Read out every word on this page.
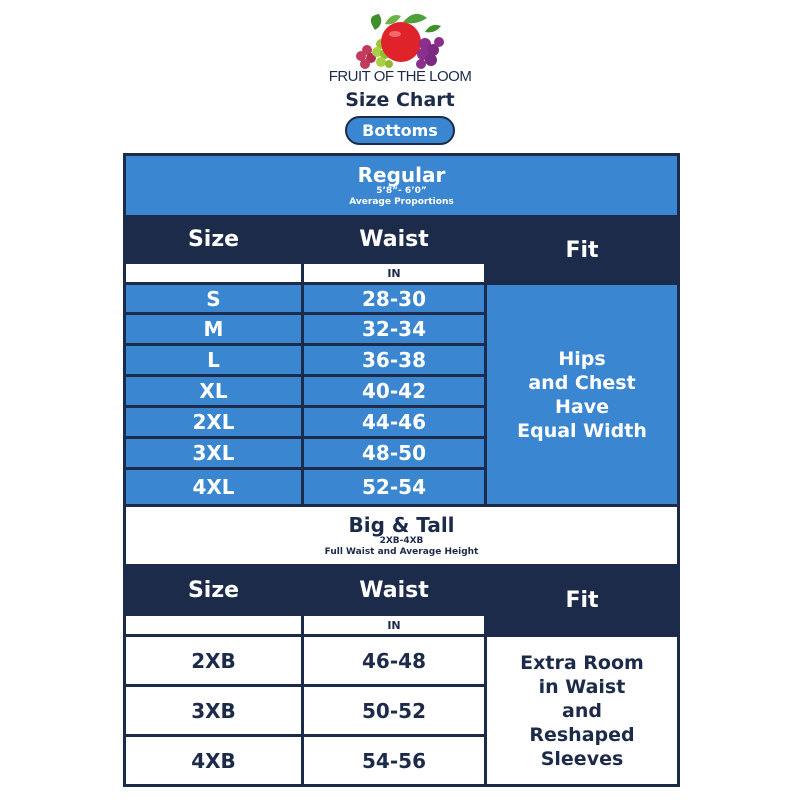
FRUIT OF THE LOOM
Size Chart
Bottoms
Regular
5’8”- 6’0”
Average Proportions
Size	Waist	Fit
IN
S	28-30
M	32-34
L	36-38
XL	40-42
2XL	44-46
3XL	48-50
4XL	52-54
Hips
and Chest
Have
Equal Width
Big & Tall
2XB-4XB
Full Waist and Average Height
Size	Waist	Fit
IN
2XB	46-48
3XB	50-52
4XB	54-56
Extra Room
in Waist
and
Reshaped
Sleeves
